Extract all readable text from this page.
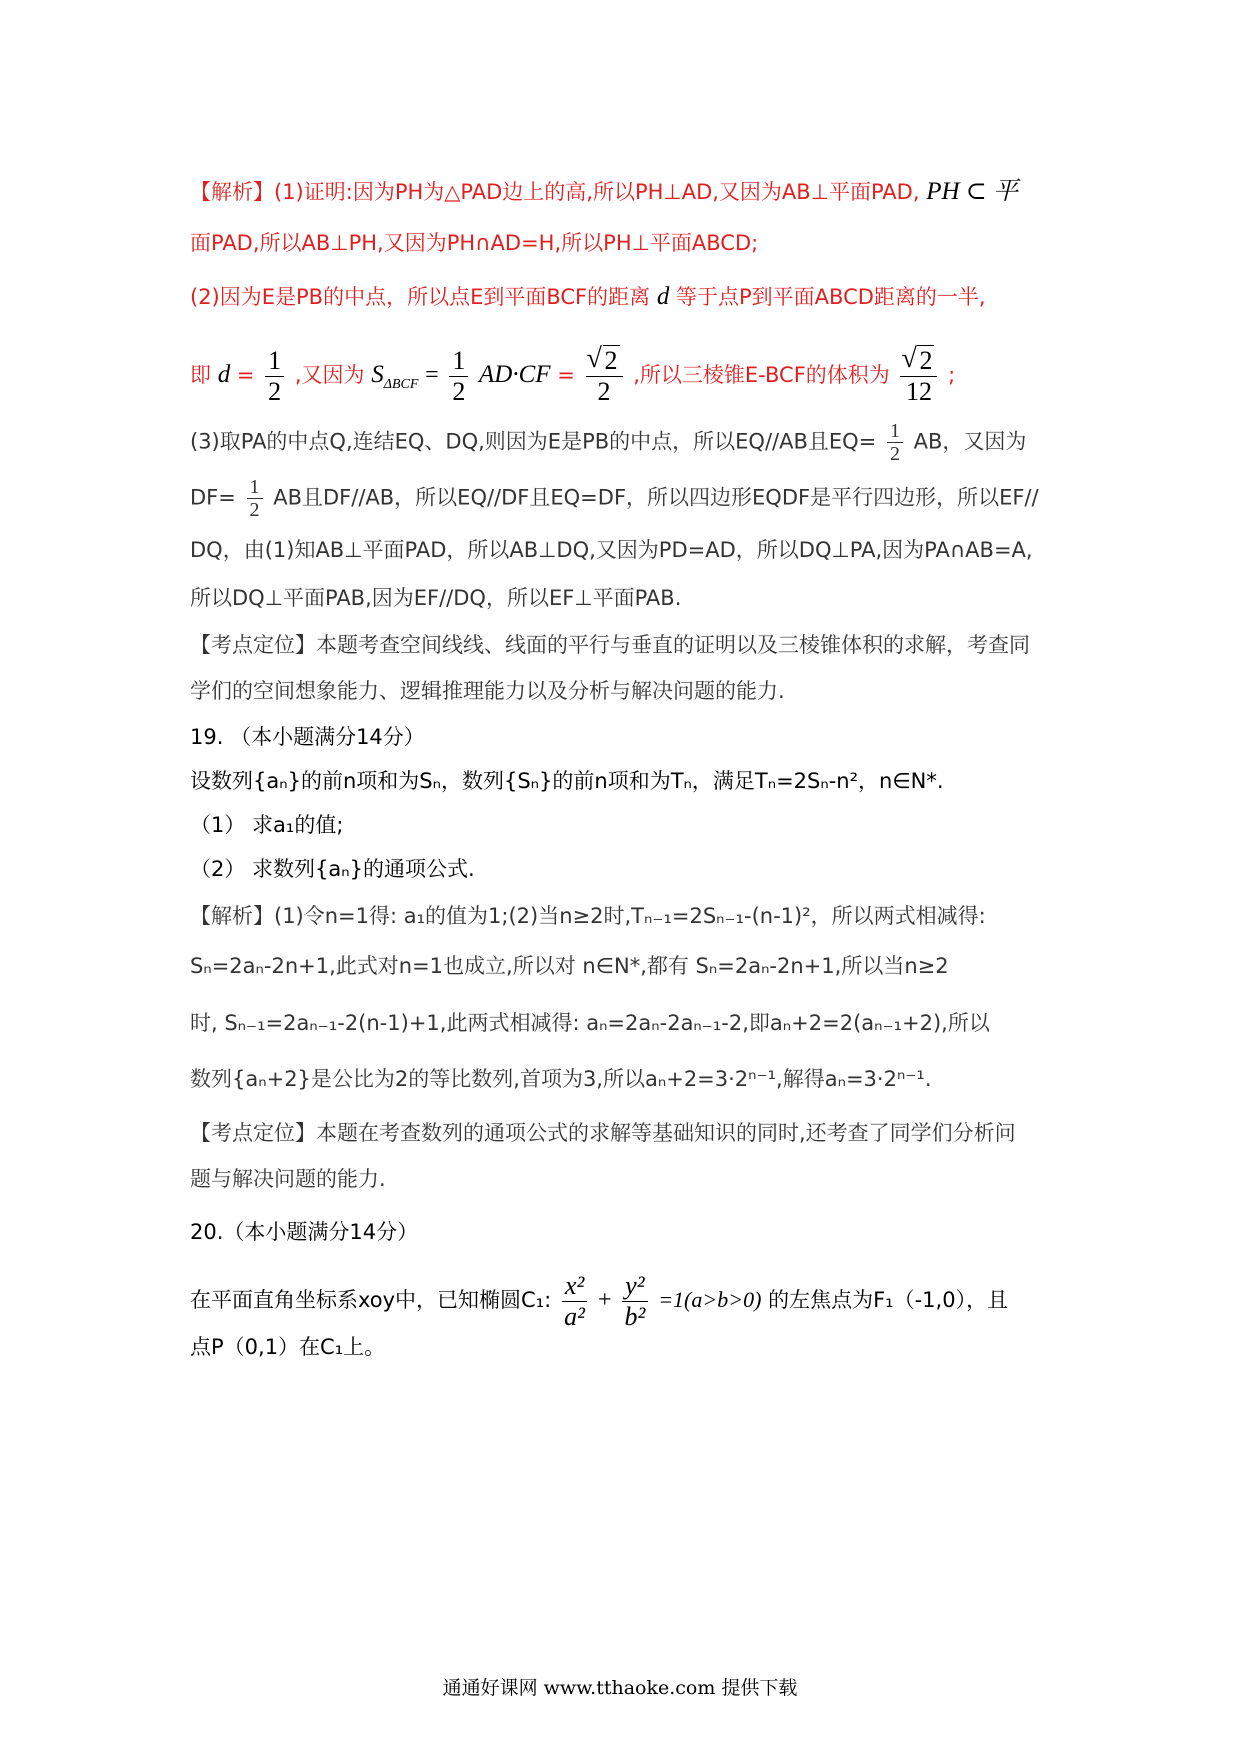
【解析】(1)证明:因为PH为△PAD边上的高,所以PH⊥AD,又因为AB⊥平面PAD, PH ⊂ 平
面PAD,所以AB⊥PH,又因为PH∩AD=H,所以PH⊥平面ABCD;
(2)因为E是PB的中点，所以点E到平面BCF的距离 d 等于点P到平面ABCD距离的一半,
即 $d = \frac{1}{2}$ ,又因为 $S_{\Delta BCF} = \frac{1}{2} AD\cdot CF$ = √ $\frac{2}{2}$ ,所以三棱锥E-BCF的体积为 √ $\frac{2}{12}$ ;
(3)取PA的中点Q,连结EQ、DQ,则因为E是PB的中点，所以EQ//AB且$EQ= \frac{1}{2}$ AB，又因为
$DF= \frac{1}{2}$ AB且DF//AB，所以EQ//DF且EQ=DF，所以四边形EQDF是平行四边形，所以EF//
DQ，由(1)知AB⊥平面PAD，所以AB⊥DQ,又因为PD=AD，所以DQ⊥PA,因为PA∩AB=A,
所以DQ⊥平面PAB,因为EF//DQ，所以EF⊥平面PAB.
【考点定位】本题考查空间线线、线面的平行与垂直的证明以及三棱锥体积的求解，考查同
学们的空间想象能力、逻辑推理能力以及分析与解决问题的能力.
19. （本小题满分14分）
设数列{aₙ}的前n项和为Sₙ，数列{Sₙ}的前n项和为Tₙ，满足Tₙ=2Sₙ-n²，n∈N*.
（1） 求a₁的值;
（2） 求数列{aₙ}的通项公式.
【解析】(1)令n=1得: a₁的值为1;(2)当n≥2时,Tₙ₋₁=2Sₙ₋₁-(n-1)²，所以两式相减得:
Sₙ=2aₙ-2n+1,此式对n=1也成立,所以对 n∈N*,都有 Sₙ=2aₙ-2n+1,所以当n≥2
时, Sₙ₋₁=2aₙ₋₁-2(n-1)+1,此两式相减得: aₙ=2aₙ-2aₙ₋₁-2,即aₙ+2=2(aₙ₋₁+2),所以
数列{aₙ+2}是公比为2的等比数列,首项为3,所以aₙ+2=3·2ⁿ⁻¹,解得aₙ=3·2ⁿ⁻¹.
【考点定位】本题在考查数列的通项公式的求解等基础知识的同时,还考查了同学们分析问
题与解决问题的能力.
20.（本小题满分14分）
在平面直角坐标系xoy中，已知椭圆C₁: $\frac{\text{x²}}{\text{a²}} + \frac{\text{y²}}{\text{b²}} =1(a>b>0)$ 的左焦点为F₁（-1,0），且
点P（0,1）在C₁上。
通通好课网 www.tthaoke.com 提供下载
